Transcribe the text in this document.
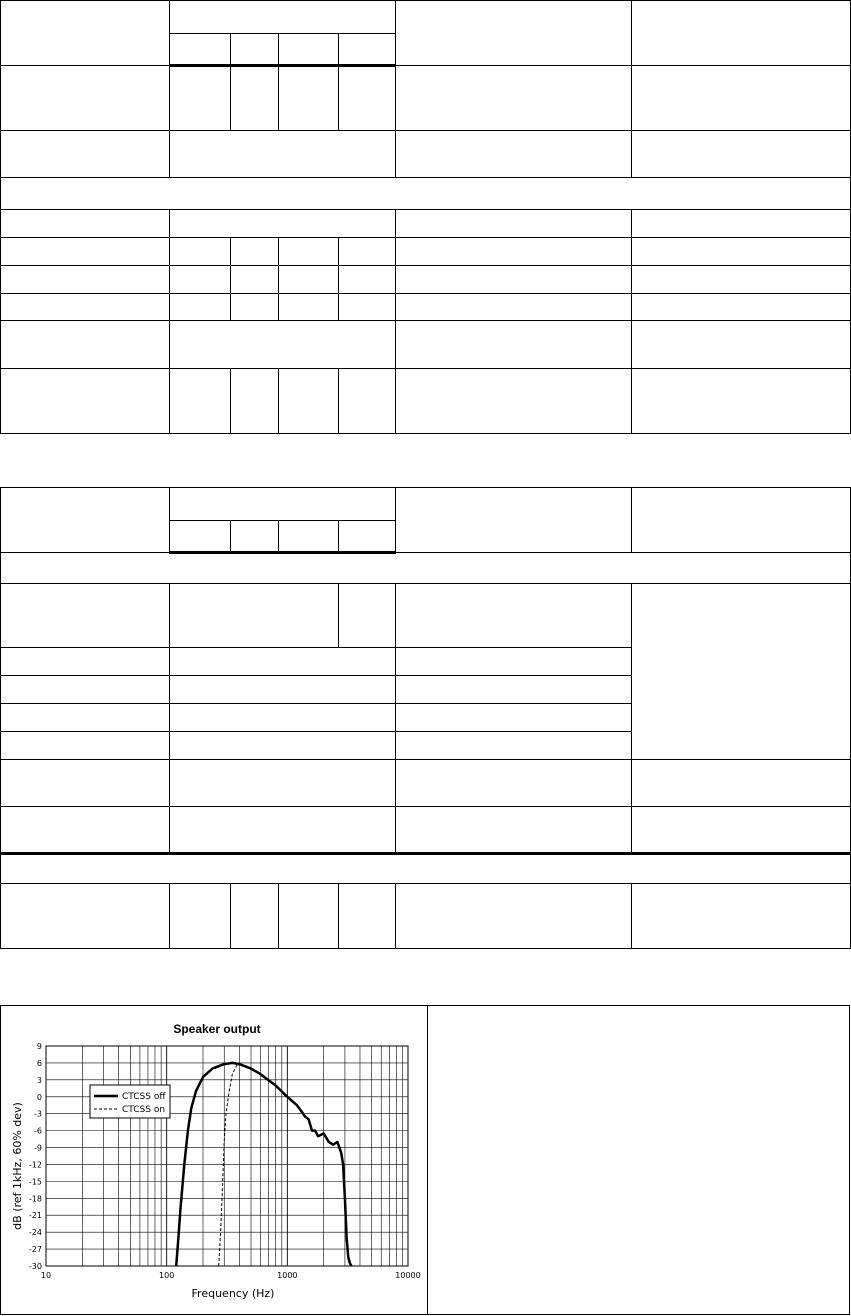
Speaker output
9
6
3
0
-3
-6
-9
-12
-15
-18
-21
-24
-27
-30
10	100	1000	10000
Frequency (Hz)
dB (ref 1kHz, 60% dev)
CTCSS off
CTCSS on
